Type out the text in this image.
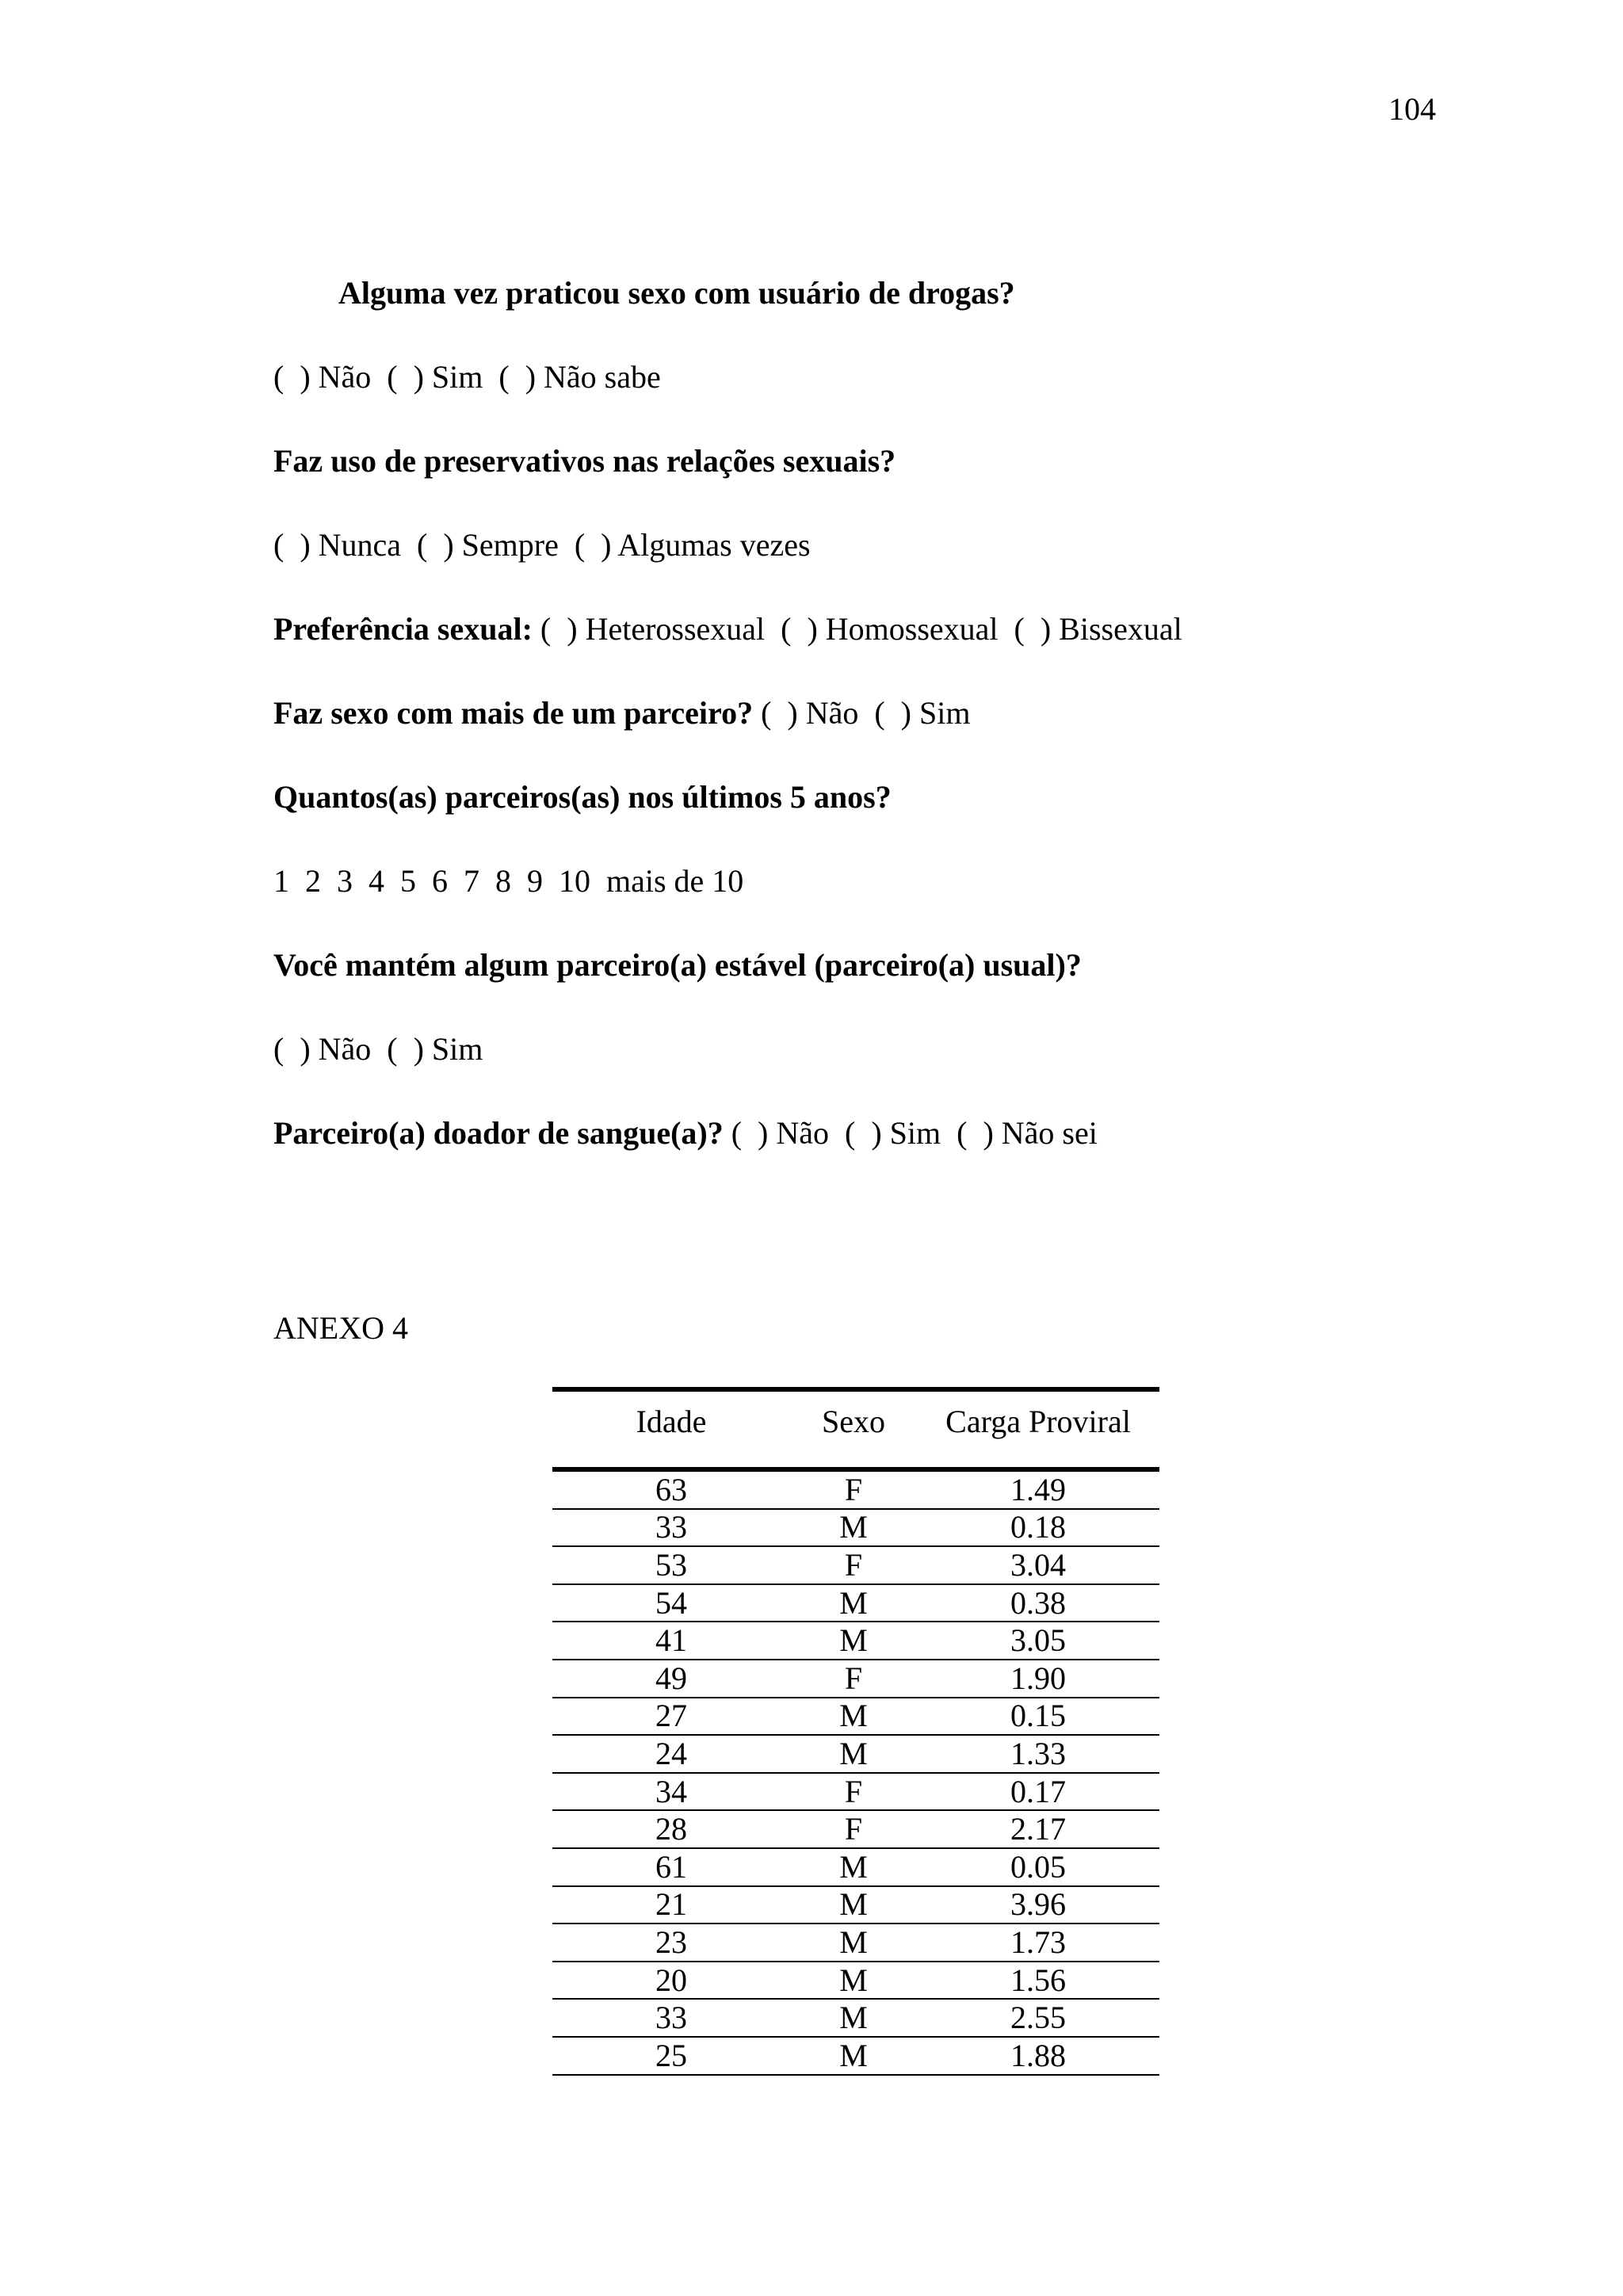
104
Alguma vez praticou sexo com usuário de drogas?
(  ) Não  (  ) Sim  (  ) Não sabe
Faz uso de preservativos nas relações sexuais?
(  ) Nunca  (  ) Sempre  (  ) Algumas vezes
Preferência sexual: (  ) Heterossexual  (  ) Homossexual  (  ) Bissexual
Faz sexo com mais de um parceiro? (  ) Não  (  ) Sim
Quantos(as) parceiros(as) nos últimos 5 anos?
1  2  3  4  5  6  7  8  9  10  mais de 10
Você mantém algum parceiro(a) estável (parceiro(a) usual)?
(  ) Não  (  ) Sim
Parceiro(a) doador de sangue(a)? (  ) Não  (  ) Sim  (  ) Não sei
ANEXO 4
Idade	Sexo	Carga Proviral
63	F	1.49
33	M	0.18
53	F	3.04
54	M	0.38
41	M	3.05
49	F	1.90
27	M	0.15
24	M	1.33
34	F	0.17
28	F	2.17
61	M	0.05
21	M	3.96
23	M	1.73
20	M	1.56
33	M	2.55
25	M	1.88
